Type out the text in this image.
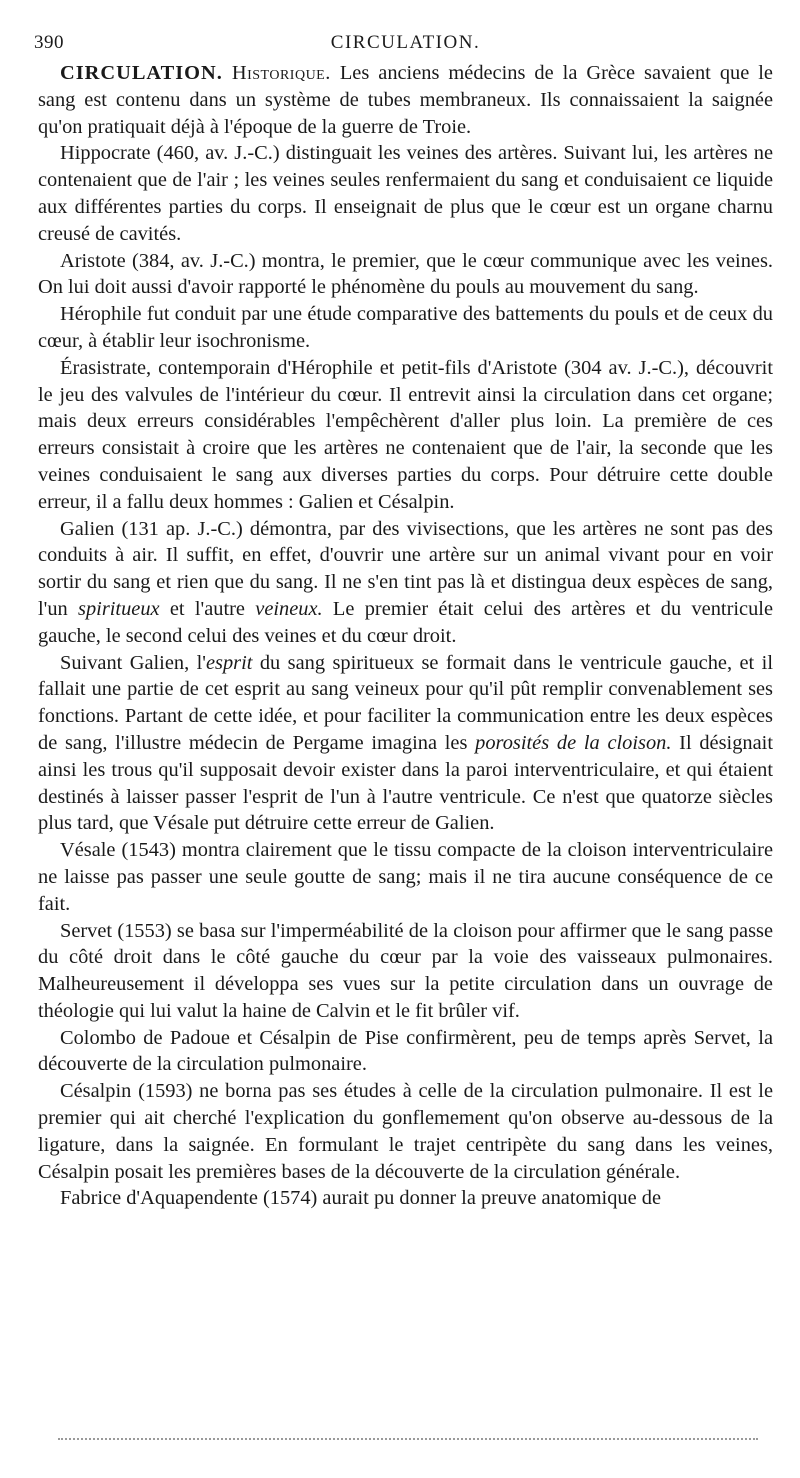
390	CIRCULATION.

CIRCULATION. Historique. Les anciens médecins de la Grèce savaient que le sang est contenu dans un système de tubes membraneux. Ils connaissaient la saignée qu'on pratiquait déjà à l'époque de la guerre de Troie.

Hippocrate (460, av. J.-C.) distinguait les veines des artères. Suivant lui, les artères ne contenaient que de l'air ; les veines seules renfermaient du sang et conduisaient ce liquide aux différentes parties du corps. Il enseignait de plus que le cœur est un organe charnu creusé de cavités.

Aristote (384, av. J.-C.) montra, le premier, que le cœur communique avec les veines. On lui doit aussi d'avoir rapporté le phénomène du pouls au mouvement du sang.

Hérophile fut conduit par une étude comparative des battements du pouls et de ceux du cœur, à établir leur isochronisme.

Érasistrate, contemporain d'Hérophile et petit-fils d'Aristote (304 av. J.-C.), découvrit le jeu des valvules de l'intérieur du cœur. Il entrevit ainsi la circulation dans cet organe; mais deux erreurs considérables l'empêchèrent d'aller plus loin. La première de ces erreurs consistait à croire que les artères ne contenaient que de l'air, la seconde que les veines conduisaient le sang aux diverses parties du corps. Pour détruire cette double erreur, il a fallu deux hommes : Galien et Césalpin.

Galien (131 ap. J.-C.) démontra, par des vivisections, que les artères ne sont pas des conduits à air. Il suffit, en effet, d'ouvrir une artère sur un animal vivant pour en voir sortir du sang et rien que du sang. Il ne s'en tint pas là et distingua deux espèces de sang, l'un spiritueux et l'autre veineux. Le premier était celui des artères et du ventricule gauche, le second celui des veines et du cœur droit.

Suivant Galien, l'esprit du sang spiritueux se formait dans le ventricule gauche, et il fallait une partie de cet esprit au sang veineux pour qu'il pût remplir convenablement ses fonctions. Partant de cette idée, et pour faciliter la communication entre les deux espèces de sang, l'illustre médecin de Pergame imagina les porosités de la cloison. Il désignait ainsi les trous qu'il supposait devoir exister dans la paroi interventriculaire, et qui étaient destinés à laisser passer l'esprit de l'un à l'autre ventricule. Ce n'est que quatorze siècles plus tard, que Vésale put détruire cette erreur de Galien.

Vésale (1543) montra clairement que le tissu compacte de la cloison interventriculaire ne laisse pas passer une seule goutte de sang; mais il ne tira aucune conséquence de ce fait.

Servet (1553) se basa sur l'imperméabilité de la cloison pour affirmer que le sang passe du côté droit dans le côté gauche du cœur par la voie des vaisseaux pulmonaires. Malheureusement il développa ses vues sur la petite circulation dans un ouvrage de théologie qui lui valut la haine de Calvin et le fit brûler vif.

Colombo de Padoue et Césalpin de Pise confirmèrent, peu de temps après Servet, la découverte de la circulation pulmonaire.

Césalpin (1593) ne borna pas ses études à celle de la circulation pulmonaire. Il est le premier qui ait cherché l'explication du gonflemement qu'on observe au-dessous de la ligature, dans la saignée. En formulant le trajet centripète du sang dans les veines, Césalpin posait les premières bases de la découverte de la circulation générale.

Fabrice d'Aquapendente (1574) aurait pu donner la preuve anatomique de
